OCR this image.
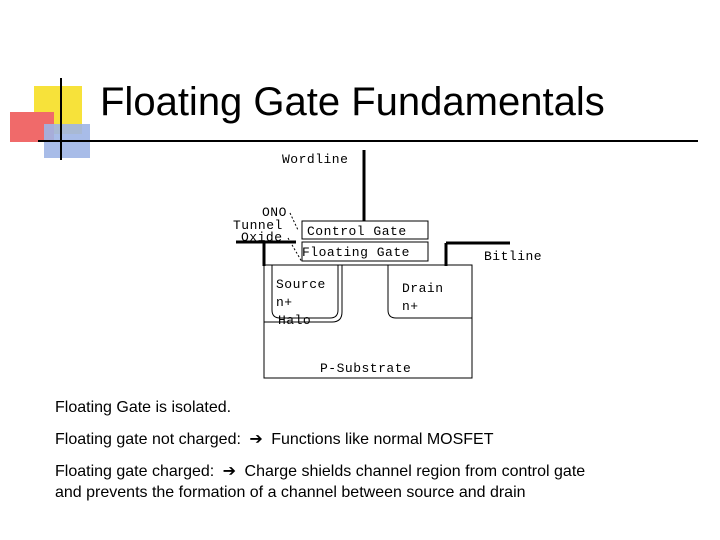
Floating Gate Fundamentals
Wordline
ONO
Tunnel
Oxide Control Gate
Floating Gate
P-Substrate
Bitline
Source
n+
Halo
Drain
n+
Floating Gate is isolated.
Floating gate not charged: ➔ Functions like normal MOSFET
Floating gate charged: ➔ Charge shields channel region from control gate
and prevents the formation of a channel between source and drain
